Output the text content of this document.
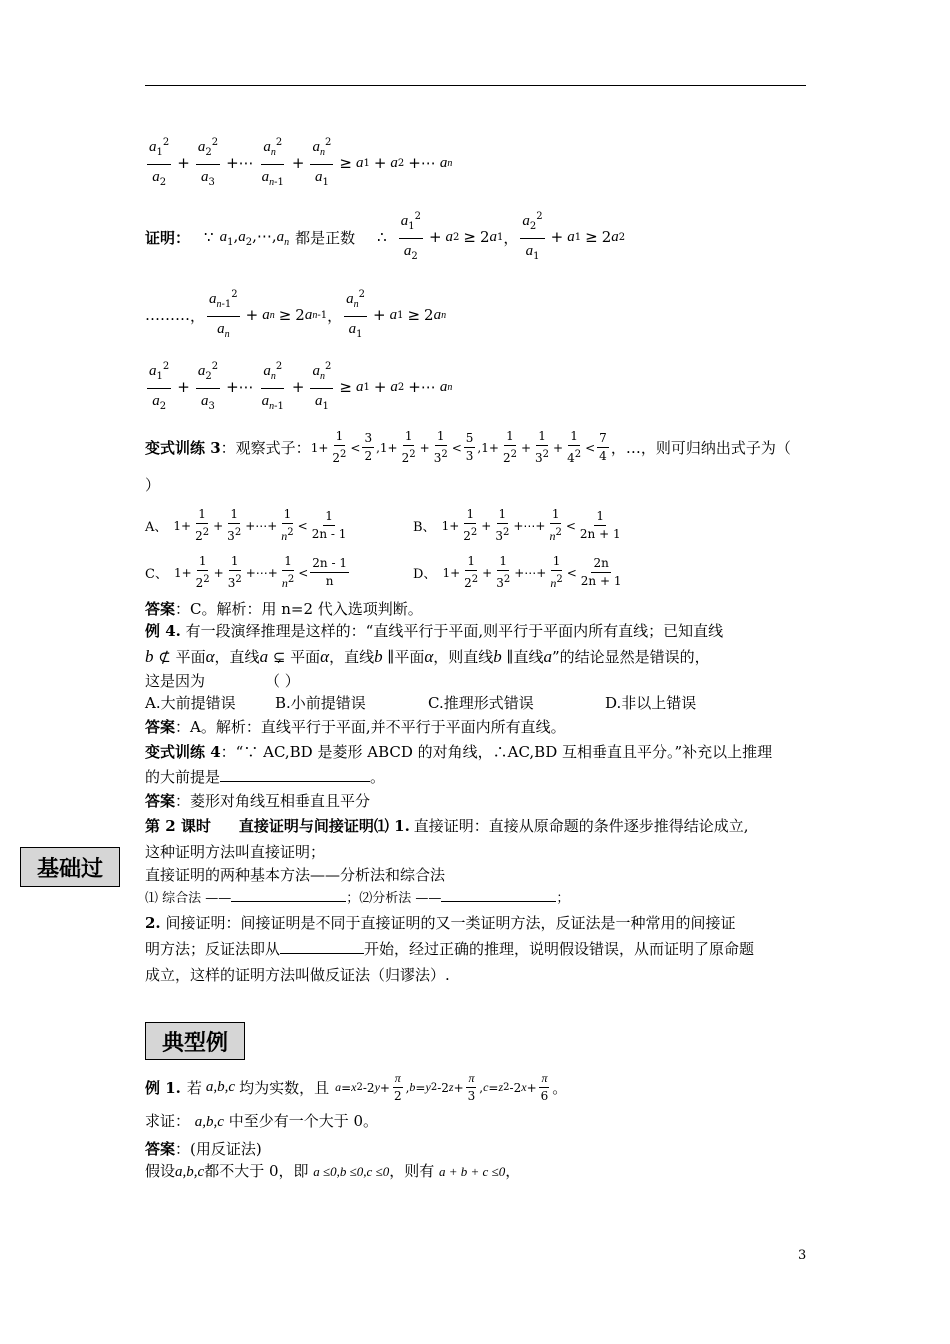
$\frac{a_1^2}{a_2} + \frac{a_2^2}{a_3}$ +⋯ $\frac{a_n^2}{a_{n-1}} + \frac{a_n^2}{a_1} \ge a$ 1 + a 2 +⋯ a n
证明： ∵ $a_1,a_2,\cdots,a_n$ 都是正数 ∴ $\frac{a_1^2}{a_2} + a$ 2 ≥ 2 a 1 ， $\frac{a_2^2}{a_1} + a$ 1 ≥ 2 a 2
……… ， $\frac{a_{n-1}^2}{a_n} + a$ n ≥ 2 a n-1 ， $\frac{a_n^2}{a_1} + a$ 1 ≥ 2 a n
$\frac{a_1^2}{a_2} + \frac{a_2^2}{a_3}$ +⋯ $\frac{a_n^2}{a_{n-1}} + \frac{a_n^2}{a_1} \ge a$ 1 + a 2 +⋯ a n
变式训练 3 ：观察式子： $1+ \frac{1}{2^2} < \frac{3}{2} ,1+ \frac{1}{2^2} + \frac{1}{3^2} < \frac{5}{3} ,1+ \frac{1}{2^2} + \frac{1}{3^2} + \frac{1}{4^2} < \frac{7}{4}$ ，…，则可归纳出式子为（
）
A、 $1+ \frac{1}{2^2} + \frac{1}{3^2}$ +⋯+ $\frac{1}{n^2} < \frac{1}{2n - 1}$	B、 $1+ \frac{1}{2^2} + \frac{1}{3^2}$ +⋯+ $\frac{1}{n^2} < \frac{1}{2n + 1}$
C、 $1+ \frac{1}{2^2} + \frac{1}{3^2}$ +⋯+ $\frac{1}{n^2} < \frac{2n - 1}{n}$	D、 $1+ \frac{1}{2^2} + \frac{1}{3^2}$ +⋯+ $\frac{1}{n^2} < \frac{2n}{2n + 1}$
答案：C。解析：用 n=2 代入选项判断。
例 4. 有一段演绎推理是这样的：“直线平行于平面,则平行于平面内所有直线；已知直线
b ⊄ 平面α，直线a ⊊ 平面α，直线b ∥平面α，则直线b ∥直线a”的结论显然是错误的，
这是因为	（ ）
A.大前提错误	B.小前提错误	C.推理形式错误	D.非以上错误
答案：A。解析：直线平行于平面,并不平行于平面内所有直线。
变式训练 4：“∵ AC,BD 是菱形 ABCD 的对角线，∴AC,BD 互相垂直且平分。”补充以上推理
的大前提是	。
答案：菱形对角线互相垂直且平分
第 2 课时 直接证明与间接证明⑴ 1. 直接证明：直接从原命题的条件逐步推得结论成立,
这种证明方法叫直接证明；
基础过	直接证明的两种基本方法——分析法和综合法
⑴ 综合法 ——	；⑵分析法 ——	；
2. 间接证明：间接证明是不同于直接证明的又一类证明方法，反证法是一种常用的间接证
明方法；反证法即从	开始，经过正确的推理，说明假设错误，从而证明了原命题
成立，这样的证明方法叫做反证法（归谬法）.
典型例
例 1. 若 a,b,c 均为实数，且 a = x 2 -2 $y + \frac{\pi}{2}$ , b = y 2 -2 $z + \frac{\pi}{3}$ , c = z 2 -2 $x + \frac{\pi}{6}$ 。
求证： a,b,c 中至少有一个大于 0。
答案：(用反证法)
假设a,b,c都不大于 0，即 a ≤0,b ≤0,c ≤0，则有 a + b + c ≤0，
3
